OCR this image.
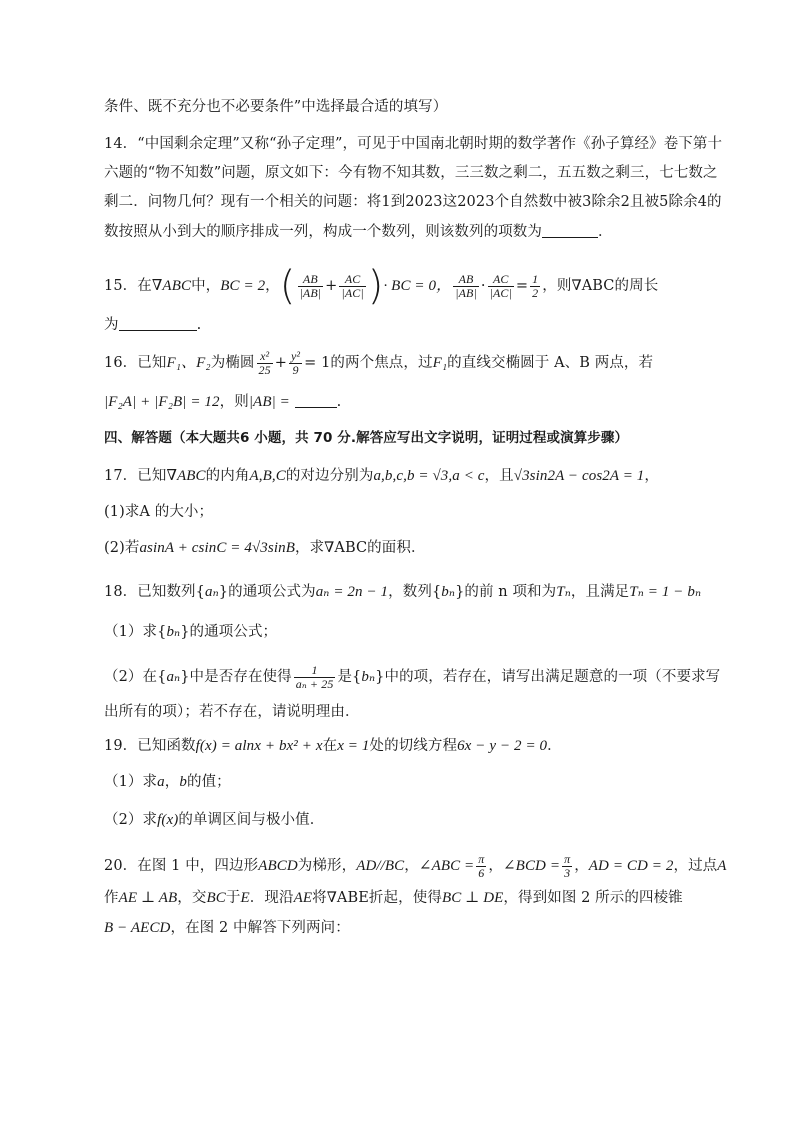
条件、既不充分也不必要条件”中选择最合适的填写）
14．“中国剩余定理”又称“孙子定理”，可见于中国南北朝时期的数学著作《孙子算经》卷下第十
六题的“物不知数”问题，原文如下：今有物不知其数，三三数之剩二，五五数之剩三，七七数之
剩二．问物几何？现有一个相关的问题：将1到2023这2023个自然数中被3除余2且被5除余4的
数按照从小到大的顺序排成一列，构成一个数列，则该数列的项数为	．
15．在∇ABC中，BC = 2，( $\frac{AB}{|AB|} + \frac{AC}{|AC|}$ )· BC = 0， $\frac{AB}{|AB|} \cdot \frac{AC}{|AC|} = \frac{1}{2}$ ，则∇ABC的周长
为	.
16．已知F₁、F₂为椭圆 $\frac{\text{x²}}{25} + \frac{\text{y²}}{9} = 1$的两个焦点，过F₁的直线交椭圆于 A、B 两点，若
|F₂A| + |F₂B| = 12，则|AB| =	.
四、解答题（本大题共6 小题，共 70 分.解答应写出文字说明，证明过程或演算步骤）
17．已知∇ABC的内角A,B,C的对边分别为a,b,c,b = √3,a < c，且√3sin2A − cos2A = 1，
(1)求A 的大小；
(2)若asinA + csinC = 4√3sinB，求∇ABC的面积．
18．已知数列{aₙ}的通项公式为aₙ = 2n − 1，数列{bₙ}的前 n 项和为Tₙ，且满足Tₙ = 1 − bₙ
（1）求{bₙ}的通项公式；
（2）在{aₙ}中是否存在使得 $\frac{1}{\text{aₙ + 25}}$ 是{bₙ}中的项，若存在，请写出满足题意的一项（不要求写
出所有的项）；若不存在，请说明理由．
19．已知函数f(x) = alnx + bx² + x在x = 1处的切线方程6x − y − 2 = 0．
（1）求a，b的值；
（2）求f(x)的单调区间与极小值．
20．在图 1 中，四边形ABCD为梯形，AD//BC，∠ABC = $\frac{\pi}{6}$ ，∠BCD = $\frac{\pi}{3}$ ，AD = CD = 2，过点A
作AE ⊥ AB，交BC于E．现沿AE将∇ABE折起，使得BC ⊥ DE，得到如图 2 所示的四棱锥
B − AECD，在图 2 中解答下列两问：
